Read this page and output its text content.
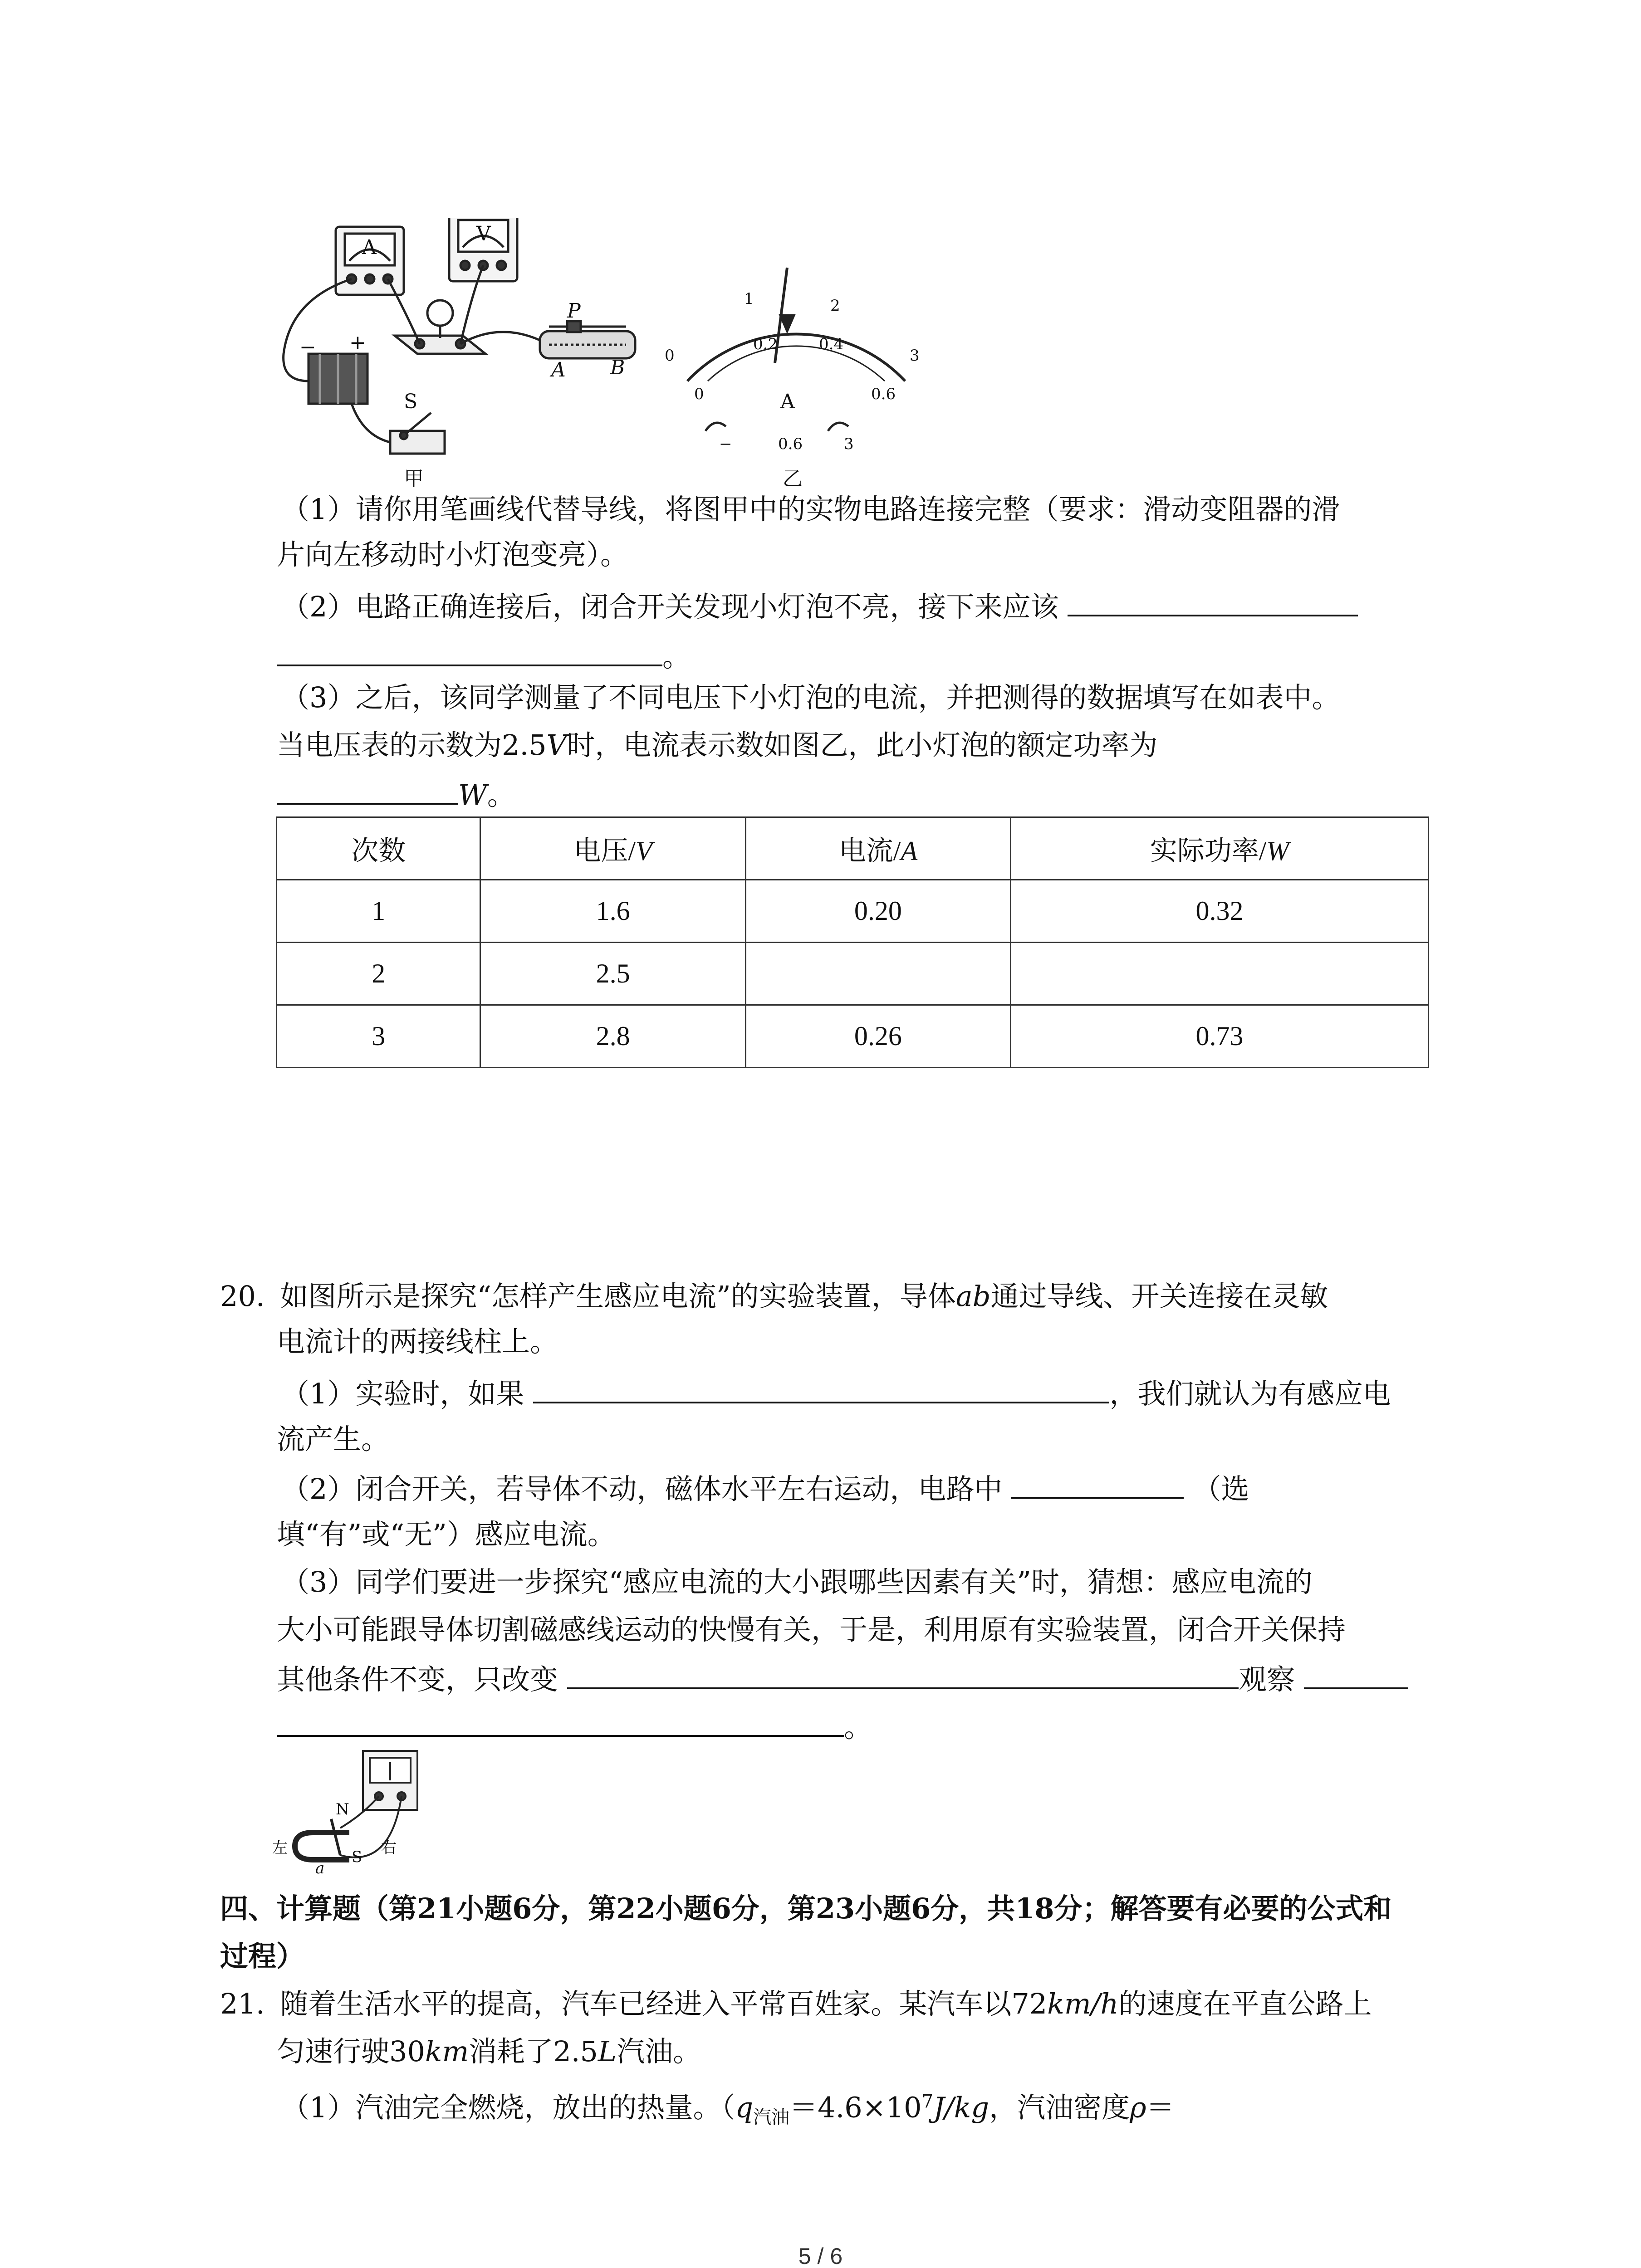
A
V
− +
S
P
A B
甲	乙
A
−	0.6	3
0
1	2
3
0
0.2	0.4
0.6
（1）请你用笔画线代替导线，将图甲中的实物电路连接完整（要求：滑动变阻器的滑
片向左移动时小灯泡变亮）。
（2）电路正确连接后，闭合开关发现小灯泡不亮，接下来应该
。
（3）之后，该同学测量了不同电压下小灯泡的电流，并把测得的数据填写在如表中。
当电压表的示数为2.5V时，电流表示数如图乙，此小灯泡的额定功率为
W。
次数	电压/V	电流/A	实际功率/W
1	1.6	0.20	0.32
2	2.5		
3	2.8	0.26	0.73
20. 如图所示是探究“怎样产生感应电流”的实验装置，导体ab通过导线、开关连接在灵敏
电流计的两接线柱上。
（1）实验时，如果	，我们就认为有感应电
流产生。
（2）闭合开关，若导体不动，磁体水平左右运动，电路中	（选
填“有”或“无”）感应电流。
（3）同学们要进一步探究“感应电流的大小跟哪些因素有关”时，猜想：感应电流的
大小可能跟导体切割磁感线运动的快慢有关，于是，利用原有实验装置，闭合开关保持
其他条件不变，只改变	观察
。
左	右
N
S
a
四、计算题（第21小题6分，第22小题6分，第23小题6分，共18分；解答要有必要的公式和
过程）
21. 随着生活水平的提高，汽车已经进入平常百姓家。某汽车以72km/h的速度在平直公路上
匀速行驶30km消耗了2.5L汽油。
（1）汽油完全燃烧，放出的热量。（$q_{汽油}=4.6\times 10^7J/kg$，汽油密度ρ＝
5 / 6
